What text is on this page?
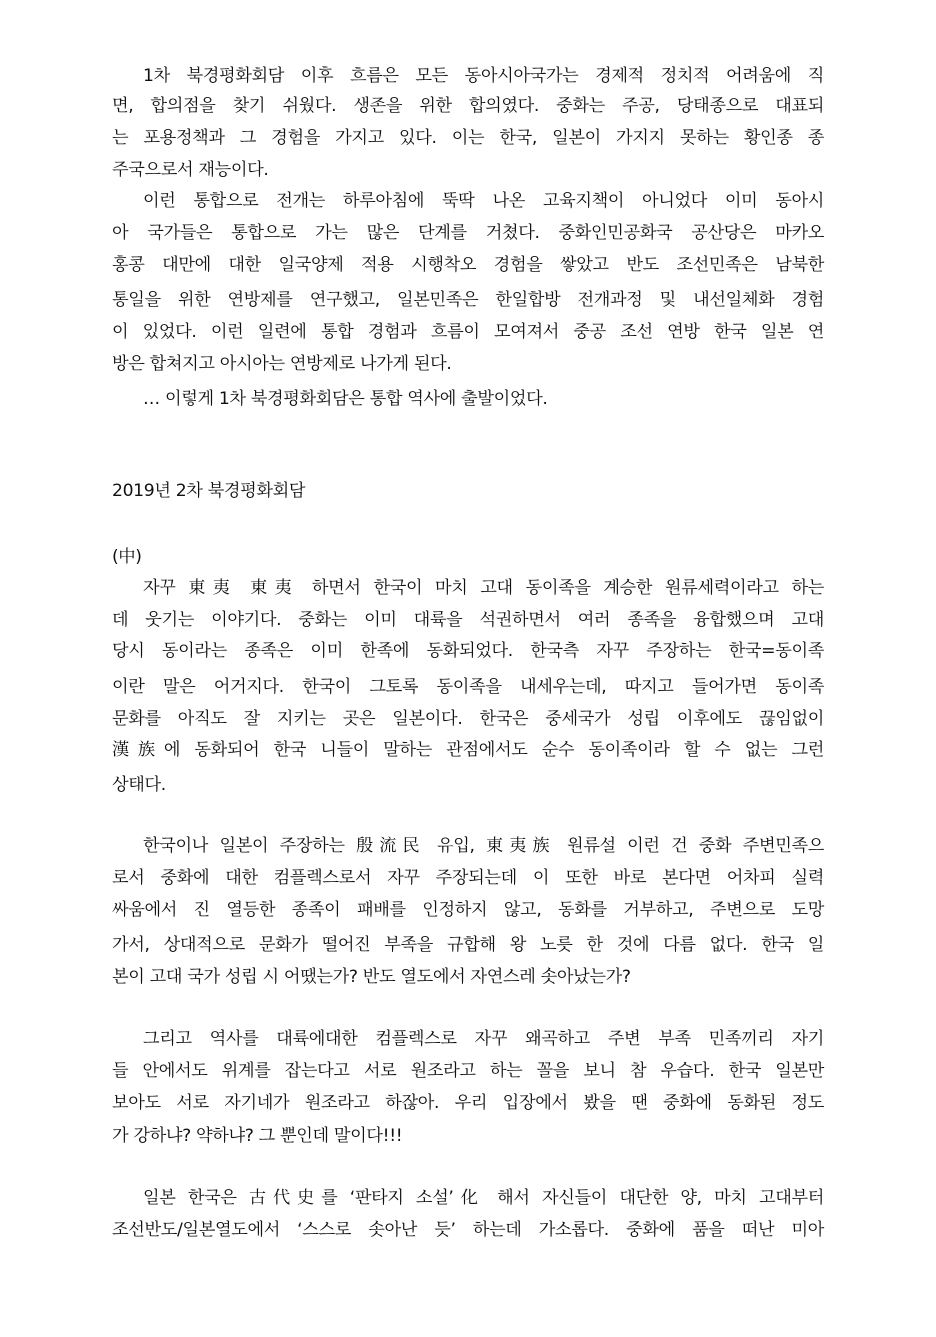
1차 북경평화회담 이후 흐름은 모든 동아시아국가는 경제적 정치적 어려움에 직
면, 합의점을 찾기 쉬웠다. 생존을 위한 합의였다. 중화는 주공, 당태종으로 대표되
는 포용정책과 그 경험을 가지고 있다. 이는 한국, 일본이 가지지 못하는 황인종 종
주국으로서 재능이다.
이런 통합으로 전개는 하루아침에 뚝딱 나온 고육지책이 아니었다 이미 동아시
아 국가들은 통합으로 가는 많은 단계를 거쳤다. 중화인민공화국 공산당은 마카오
홍콩 대만에 대한 일국양제 적용 시행착오 경험을 쌓았고 반도 조선민족은 남북한
통일을 위한 연방제를 연구했고, 일본민족은 한일합방 전개과정 및 내선일체화 경험
이 있었다. 이런 일련에 통합 경험과 흐름이 모여져서 중공 조선 연방 한국 일본 연
방은 합쳐지고 아시아는 연방제로 나가게 된다.
… 이렇게 1차 북경평화회담은 통합 역사에 출발이었다.
2019년 2차 북경평화회담
(中)
자꾸 東夷 東夷 하면서 한국이 마치 고대 동이족을 계승한 원류세력이라고 하는
데 웃기는 이야기다. 중화는 이미 대륙을 석권하면서 여러 종족을 융합했으며 고대
당시 동이라는 종족은 이미 한족에 동화되었다. 한국측 자꾸 주장하는 한국=동이족
이란 말은 어거지다. 한국이 그토록 동이족을 내세우는데, 따지고 들어가면 동이족
문화를 아직도 잘 지키는 곳은 일본이다. 한국은 중세국가 성립 이후에도 끊임없이
漢族에 동화되어 한국 니들이 말하는 관점에서도 순수 동이족이라 할 수 없는 그런
상태다.
한국이나 일본이 주장하는 殷流民 유입, 東夷族 원류설 이런 건 중화 주변민족으
로서 중화에 대한 컴플렉스로서 자꾸 주장되는데 이 또한 바로 본다면 어차피 실력
싸움에서 진 열등한 종족이 패배를 인정하지 않고, 동화를 거부하고, 주변으로 도망
가서, 상대적으로 문화가 떨어진 부족을 규합해 왕 노릇 한 것에 다름 없다. 한국 일
본이 고대 국가 성립 시 어땠는가? 반도 열도에서 자연스레 솟아났는가?
그리고 역사를 대륙에대한 컴플렉스로 자꾸 왜곡하고 주변 부족 민족끼리 자기
들 안에서도 위계를 잡는다고 서로 원조라고 하는 꼴을 보니 참 우습다. 한국 일본만
보아도 서로 자기네가 원조라고 하잖아. 우리 입장에서 봤을 땐 중화에 동화된 정도
가 강하냐? 약하냐? 그 뿐인데 말이다!!!
일본 한국은 古代史를 ‘판타지 소설’化 해서 자신들이 대단한 양, 마치 고대부터
조선반도/일본열도에서 ‘스스로 솟아난 듯’ 하는데 가소롭다. 중화에 품을 떠난 미아
